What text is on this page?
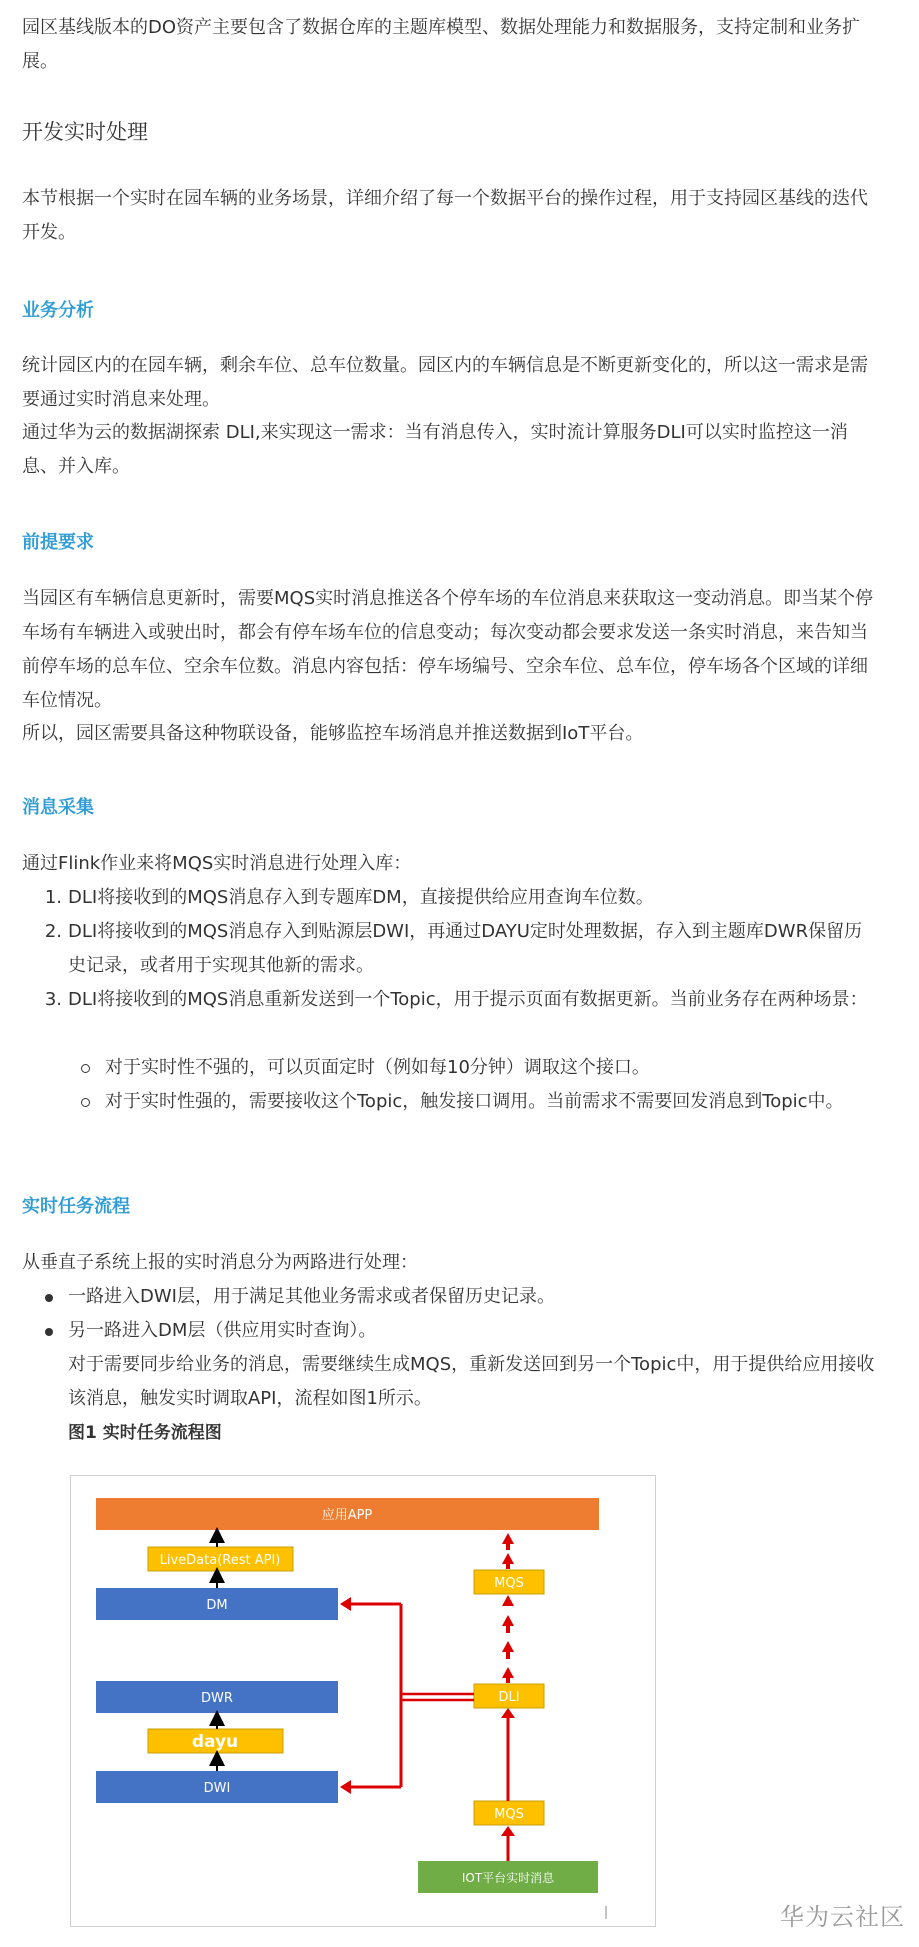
园区基线版本的DO资产主要包含了数据仓库的主题库模型、数据处理能力和数据服务，支持定制和业务扩展。

开发实时处理

本节根据一个实时在园车辆的业务场景，详细介绍了每一个数据平台的操作过程，用于支持园区基线的迭代开发。

业务分析

统计园区内的在园车辆，剩余车位、总车位数量。园区内的车辆信息是不断更新变化的，所以这一需求是需要通过实时消息来处理。

通过华为云的数据湖探索 DLI,来实现这一需求：当有消息传入，实时流计算服务DLI可以实时监控这一消息、并入库。

前提要求

当园区有车辆信息更新时，需要MQS实时消息推送各个停车场的车位消息来获取这一变动消息。即当某个停车场有车辆进入或驶出时，都会有停车场车位的信息变动；每次变动都会要求发送一条实时消息，来告知当前停车场的总车位、空余车位数。消息内容包括：停车场编号、空余车位、总车位，停车场各个区域的详细车位情况。

所以，园区需要具备这种物联设备，能够监控车场消息并推送数据到IoT平台。

消息采集

通过Flink作业来将MQS实时消息进行处理入库：

1. DLI将接收到的MQS消息存入到专题库DM，直接提供给应用查询车位数。
2. DLI将接收到的MQS消息存入到贴源层DWI，再通过DAYU定时处理数据，存入到主题库DWR保留历史记录，或者用于实现其他新的需求。
3. DLI将接收到的MQS消息重新发送到一个Topic，用于提示页面有数据更新。当前业务存在两种场景：
对于实时性不强的，可以页面定时（例如每10分钟）调取这个接口。
对于实时性强的，需要接收这个Topic，触发接口调用。当前需求不需要回发消息到Topic中。
实时任务流程

从垂直子系统上报的实时消息分为两路进行处理：

一路进入DWI层，用于满足其他业务需求或者保留历史记录。
另一路进入DM层（供应用实时查询）。

对于需要同步给业务的消息，需要继续生成MQS，重新发送回到另一个Topic中，用于提供给应用接收该消息，触发实时调取API，流程如图1所示。

图1 实时任务流程图
应用APP
LiveData(Rest API)
DM
DWR
dayu
DWI
MQS
DLI
MQS
IOT平台实时消息
华为云社区
